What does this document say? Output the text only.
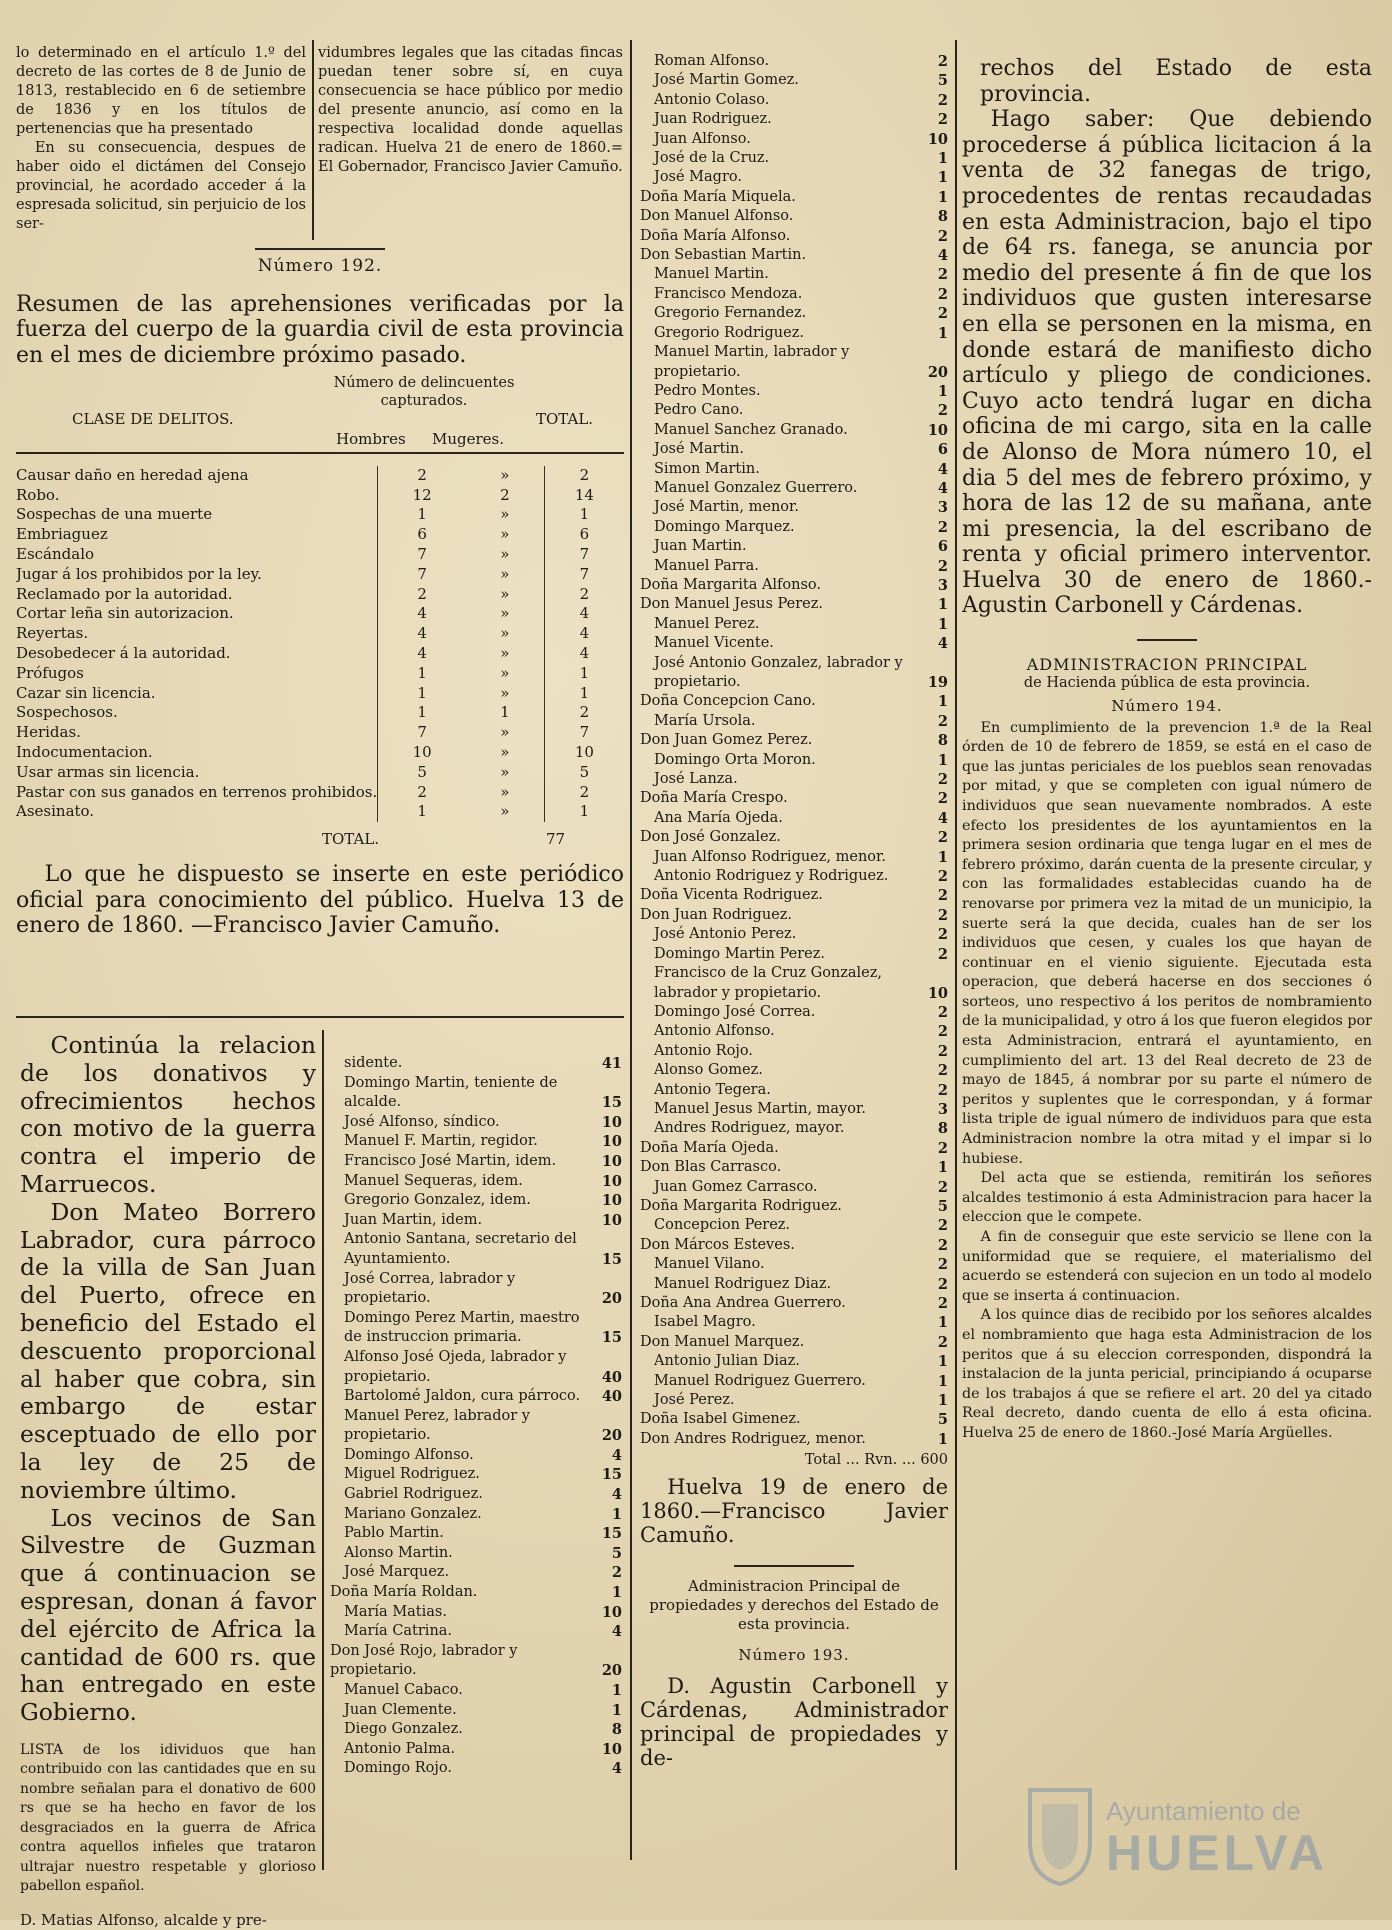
lo determinado en el artículo 1.º del decreto de las cortes de 8 de Junio de 1813, restablecido en 6 de setiembre de 1836 y en los títulos de pertenencias que ha presentado

En su consecuencia, despues de haber oido el dictámen del Consejo provincial, he acordado acceder á la espresada solicitud, sin perjuicio de los ser-

vidumbres legales que las citadas fincas puedan tener sobre sí, en cuya consecuencia se hace público por medio del presente anuncio, así como en la respectiva localidad donde aquellas radican. Huelva 21 de enero de 1860.= El Gobernador, Francisco Javier Camuño.

Número 192.

Resumen de las aprehensiones verificadas por la fuerza del cuerpo de la guardia civil de esta provincia en el mes de diciembre próximo pasado.

CLASE DE DELITOS.
Número de delincuentes capturados.
Hombres Mugeres.
TOTAL.
Causar daño en heredad ajena	2	»	2
Robo.	12	2	14
Sospechas de una muerte	1	»	1
Embriaguez	6	»	6
Escándalo	7	»	7
Jugar á los prohibidos por la ley.	7	»	7
Reclamado por la autoridad.	2	»	2
Cortar leña sin autorizacion.	4	»	4
Reyertas.	4	»	4
Desobedecer á la autoridad.	4	»	4
Prófugos	1	»	1
Cazar sin licencia.	1	»	1
Sospechosos.	1	1	2
Heridas.	7	»	7
Indocumentacion.	10	»	10
Usar armas sin licencia.	5	»	5
Pastar con sus ganados en terrenos prohibidos.	2	»	2
Asesinato.	1	»	1
TOTAL.	77

Lo que he dispuesto se inserte en este periódico oficial para conocimiento del público. Huelva 13 de enero de 1860. —Francisco Javier Camuño.

Continúa la relacion de los donativos y ofrecimientos hechos con motivo de la guerra contra el imperio de Marruecos.

Don Mateo Borrero Labrador, cura párroco de la villa de San Juan del Puerto, ofrece en beneficio del Estado el descuento proporcional al haber que cobra, sin embargo de estar esceptuado de ello por la ley de 25 de noviembre último.

Los vecinos de San Silvestre de Guzman que á continuacion se espresan, donan á favor del ejército de Africa la cantidad de 600 rs. que han entregado en este Gobierno.

LISTA de los idividuos que han contribuido con las cantidades que en su nombre señalan para el donativo de 600 rs que se ha hecho en favor de los desgraciados en la guerra de Africa contra aquellos infieles que trataron ultrajar nuestro respetable y glorioso pabellon español.

D. Matias Alfonso, alcalde y pre-

sidente.	41
Domingo Martin, teniente de alcalde.	15
José Alfonso, síndico.	10
Manuel F. Martin, regidor.	10
Francisco José Martin, idem.	10
Manuel Sequeras, idem.	10
Gregorio Gonzalez, idem.	10
Juan Martin, idem.	10
Antonio Santana, secretario del Ayuntamiento.	15
José Correa, labrador y propietario.	20
Domingo Perez Martin, maestro de instruccion primaria.	15
Alfonso José Ojeda, labrador y propietario.	40
Bartolomé Jaldon, cura párroco.	40
Manuel Perez, labrador y propietario.	20
Domingo Alfonso.	4
Miguel Rodriguez.	15
Gabriel Rodriguez.	4
Mariano Gonzalez.	1
Pablo Martin.	15
Alonso Martin.	5
José Marquez.	2
Doña María Roldan.	1
María Matias.	10
María Catrina.	4
Don José Rojo, labrador y propietario.	20
Manuel Cabaco.	1
Juan Clemente.	1
Diego Gonzalez.	8
Antonio Palma.	10
Domingo Rojo.	4
Roman Alfonso.	2
José Martin Gomez.	5
Antonio Colaso.	2
Juan Rodriguez.	2
Juan Alfonso.	10
José de la Cruz.	1
José Magro.	1
Doña María Miquela.	1
Don Manuel Alfonso.	8
Doña María Alfonso.	2
Don Sebastian Martin.	4
Manuel Martin.	2
Francisco Mendoza.	2
Gregorio Fernandez.	2
Gregorio Rodriguez.	1
Manuel Martin, labrador y propietario.	20
Pedro Montes.	1
Pedro Cano.	2
Manuel Sanchez Granado.	10
José Martin.	6
Simon Martin.	4
Manuel Gonzalez Guerrero.	4
José Martin, menor.	3
Domingo Marquez.	2
Juan Martin.	6
Manuel Parra.	2
Doña Margarita Alfonso.	3
Don Manuel Jesus Perez.	1
Manuel Perez.	1
Manuel Vicente.	4
José Antonio Gonzalez, labrador y propietario.	19
Doña Concepcion Cano.	1
María Ursola.	2
Don Juan Gomez Perez.	8
Domingo Orta Moron.	1
José Lanza.	2
Doña María Crespo.	2
Ana María Ojeda.	4
Don José Gonzalez.	2
Juan Alfonso Rodriguez, menor.	1
Antonio Rodriguez y Rodriguez.	2
Doña Vicenta Rodriguez.	2
Don Juan Rodriguez.	2
José Antonio Perez.	2
Domingo Martin Perez.	2
Francisco de la Cruz Gonzalez, labrador y propietario.	10
Domingo José Correa.	2
Antonio Alfonso.	2
Antonio Rojo.	2
Alonso Gomez.	2
Antonio Tegera.	2
Manuel Jesus Martin, mayor.	3
Andres Rodriguez, mayor.	8
Doña María Ojeda.	2
Don Blas Carrasco.	1
Juan Gomez Carrasco.	2
Doña Margarita Rodriguez.	5
Concepcion Perez.	2
Don Márcos Esteves.	2
Manuel Vilano.	2
Manuel Rodriguez Diaz.	2
Doña Ana Andrea Guerrero.	2
Isabel Magro.	1
Don Manuel Marquez.	2
Antonio Julian Diaz.	1
Manuel Rodriguez Guerrero.	1
José Perez.	1
Doña Isabel Gimenez.	5
Don Andres Rodriguez, menor.	1

Total ... Rvn. ... 600

Huelva 19 de enero de 1860.—Francisco Javier Camuño.

Administracion Principal de propiedades y derechos del Estado de esta provincia.

Número 193.

D. Agustin Carbonell y Cárdenas, Administrador principal de propiedades y de-

rechos del Estado de esta provincia.

Hago saber: Que debiendo procederse á pública licitacion á la venta de 32 fanegas de trigo, procedentes de rentas recaudadas en esta Administracion, bajo el tipo de 64 rs. fanega, se anuncia por medio del presente á fin de que los individuos que gusten interesarse en ella se personen en la misma, en donde estará de manifiesto dicho artículo y pliego de condiciones. Cuyo acto tendrá lugar en dicha oficina de mi cargo, sita en la calle de Alonso de Mora número 10, el dia 5 del mes de febrero próximo, y hora de las 12 de su mañana, ante mi presencia, la del escribano de renta y oficial primero interventor. Huelva 30 de enero de 1860.-Agustin Carbonell y Cárdenas.

ADMINISTRACION PRINCIPAL

de Hacienda pública de esta provincia.

Número 194.

En cumplimiento de la prevencion 1.ª de la Real órden de 10 de febrero de 1859, se está en el caso de que las juntas periciales de los pueblos sean renovadas por mitad, y que se completen con igual número de individuos que sean nuevamente nombrados. A este efecto los presidentes de los ayuntamientos en la primera sesion ordinaria que tenga lugar en el mes de febrero próximo, darán cuenta de la presente circular, y con las formalidades establecidas cuando ha de renovarse por primera vez la mitad de un municipio, la suerte será la que decida, cuales han de ser los individuos que cesen, y cuales los que hayan de continuar en el vienio siguiente. Ejecutada esta operacion, que deberá hacerse en dos secciones ó sorteos, uno respectivo á los peritos de nombramiento de la municipalidad, y otro á los que fueron elegidos por esta Administracion, entrará el ayuntamiento, en cumplimiento del art. 13 del Real decreto de 23 de mayo de 1845, á nombrar por su parte el número de peritos y suplentes que le correspondan, y á formar lista triple de igual número de individuos para que esta Administracion nombre la otra mitad y el impar si lo hubiese.

Del acta que se estienda, remitirán los señores alcaldes testimonio á esta Administracion para hacer la eleccion que le compete.

A fin de conseguir que este servicio se llene con la uniformidad que se requiere, el materialismo del acuerdo se estenderá con sujecion en un todo al modelo que se inserta á continuacion.

A los quince dias de recibido por los señores alcaldes el nombramiento que haga esta Administracion de los peritos que á su eleccion corresponden, dispondrá la instalacion de la junta pericial, principiando á ocuparse de los trabajos á que se refiere el art. 20 del ya citado Real decreto, dando cuenta de ello á esta oficina. Huelva 25 de enero de 1860.-José María Argüelles.

Ayuntamiento de
HUELVA
